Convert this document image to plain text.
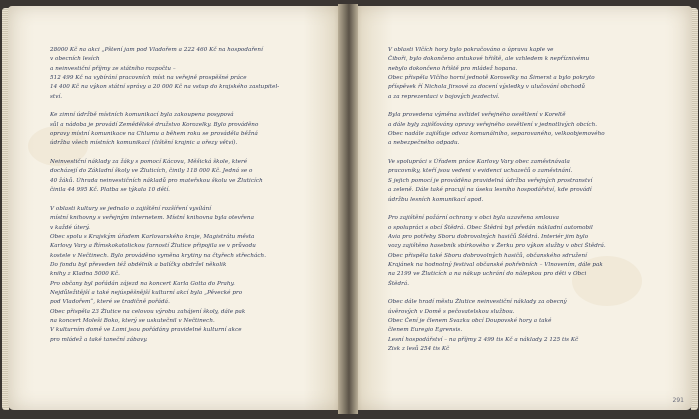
28000 Kč na akci „Pštení jam pod Vladořem a 222 460 Kč na hospodaření
v obecních lesích
a neinvestiční příjmy ze státního rozpočtu –
512 499 Kč na vybírání pracovních míst na veřejně prospěšné práce
14 400 Kč na výkon státní správy a 20 000 Kč na vstup do krajského zastupitel-
ství.
Ke zimní údržbě místních komunikací byla zakoupena posypová
sůl a nádoba je provádí Zemědělské družstvo Korozelky. Bylo prováděno
opravy místní komunikace na Chlumu a během roku se prováděla běžná
údržba všech místních komunikací (čištění krajnic a ořezy větví).
Neinvestiční náklady za žáky s pomocí Kácovu, Měšická škole, které
docházejí do Základní školy ve Žluticích, činily 118 000 Kč. Jedná se o
40 žáků. Úhrada neinvestičních nákladů pro mateřskou školu ve Žluticích
činila 44 995 Kč. Platba se týkala 10 dětí.
V oblasti kultury se jednalo o zajištění rozšíření vysílání
místní knihovny s veřejným internetem. Místní knihovna byla otevřena
v každé úterý.
Obec spolu s Krajským úřadem Karlovarského kraje, Magistrátu města
Karlovy Vary a Římskokatolickou farností Žlutice připojila se v průvodu
kostele v Nečtinech. Bylo prováděno vyměna krytiny na čtyřech střechách.
Do fondu byl převeden též obdélník a balíčky obdržel několik
knihy z Kladna 5000 Kč.
Pro občany byl pořádán zájezd na koncert Karla Gotta do Prahy.
Nejdůležitější a také nejúspěšnější kulturní akcí byla „Pěvecké pro
pod Vladořem“, které se tradičně pořádá.
Obec přispěla 23 Žlutice na celovou výrobu zahájení školy, dále pak
na koncert Moleši Boko, který se uskutečnil v Nečtinech.
V kulturním domě ve Lomi jsou pořádány pravidelné kulturní akce
pro mládež a také taneční zábavy.
V oblasti Vlčích hory bylo pokračováno o úpravu kaple ve
Čiboři, bylo dokončeno antukové hřiště, ale vzhledem k nepříznivému
nebylo dokončeno hřiště pro mládež hopana.
Obec přispěla Vlčího horní jednotě Koroselky na Šimerst a bylo pokryto
příspěvek ří Nichola Jirsové za docení výsledky v ulučování obchodů
a za reprezentaci v bojových jezdectví.
Byla provedena výměna svítidel veřejného osvětlení v Koreltě
a dále byly zajišťovány opravy veřejného osvětlení v jednotlivých obcích.
Obec nadále zajišťuje odvoz komunálního, separovaného, velkoobjemového
a nebezpečného odpadu.
Ve spolupráci s Úřadem práce Karlovy Vary obec zaměstnávala
pracovníky, kteří jsou vedeni v evidenci uchazečů o zaměstnání.
S jejich pomocí je prováděna pravidelná údržba veřejných prostranství
a zeleně. Dále také pracují na úseku lesního hospodářství, kde provádí
údržbu lesních komunikací apod.
Pro zajištění požární ochrany v obci byla uzavřena smlouva
o spolupráci s obcí Štědrá. Obec Štědrá byl předán nákladní automobil
Avia pro potřeby Sboru dobrovolných hasičů Štědrá. Interiér jim bylo
vozy zajištěno hasebník sbírkového v Žerku pro výkon služby v obci Štědrá.
Obec přispěla také Sboru dobrovolných hasičů, občanského sdružení
Krajánek na hodnotný festival občanské pohřebních – Vlnovením, dále pak
na 2199 ve Žluticích a na nákup uchrání do nálepkou pro děti v Obci
Štědrá.
Obec dále hradí městu Žlutice neinvestiční náklady za obecný
úvěrových v Domě s pečovatelskou službou.
Obec Čení je členem Svazku obcí Doupovské hory a také
členem Euregio Egrensis.
Lesní hospodářství – na příjmy 2 499 tis Kč a náklady 2 125 tis Kč
Zisk z lesů 254 tis Kč
291
